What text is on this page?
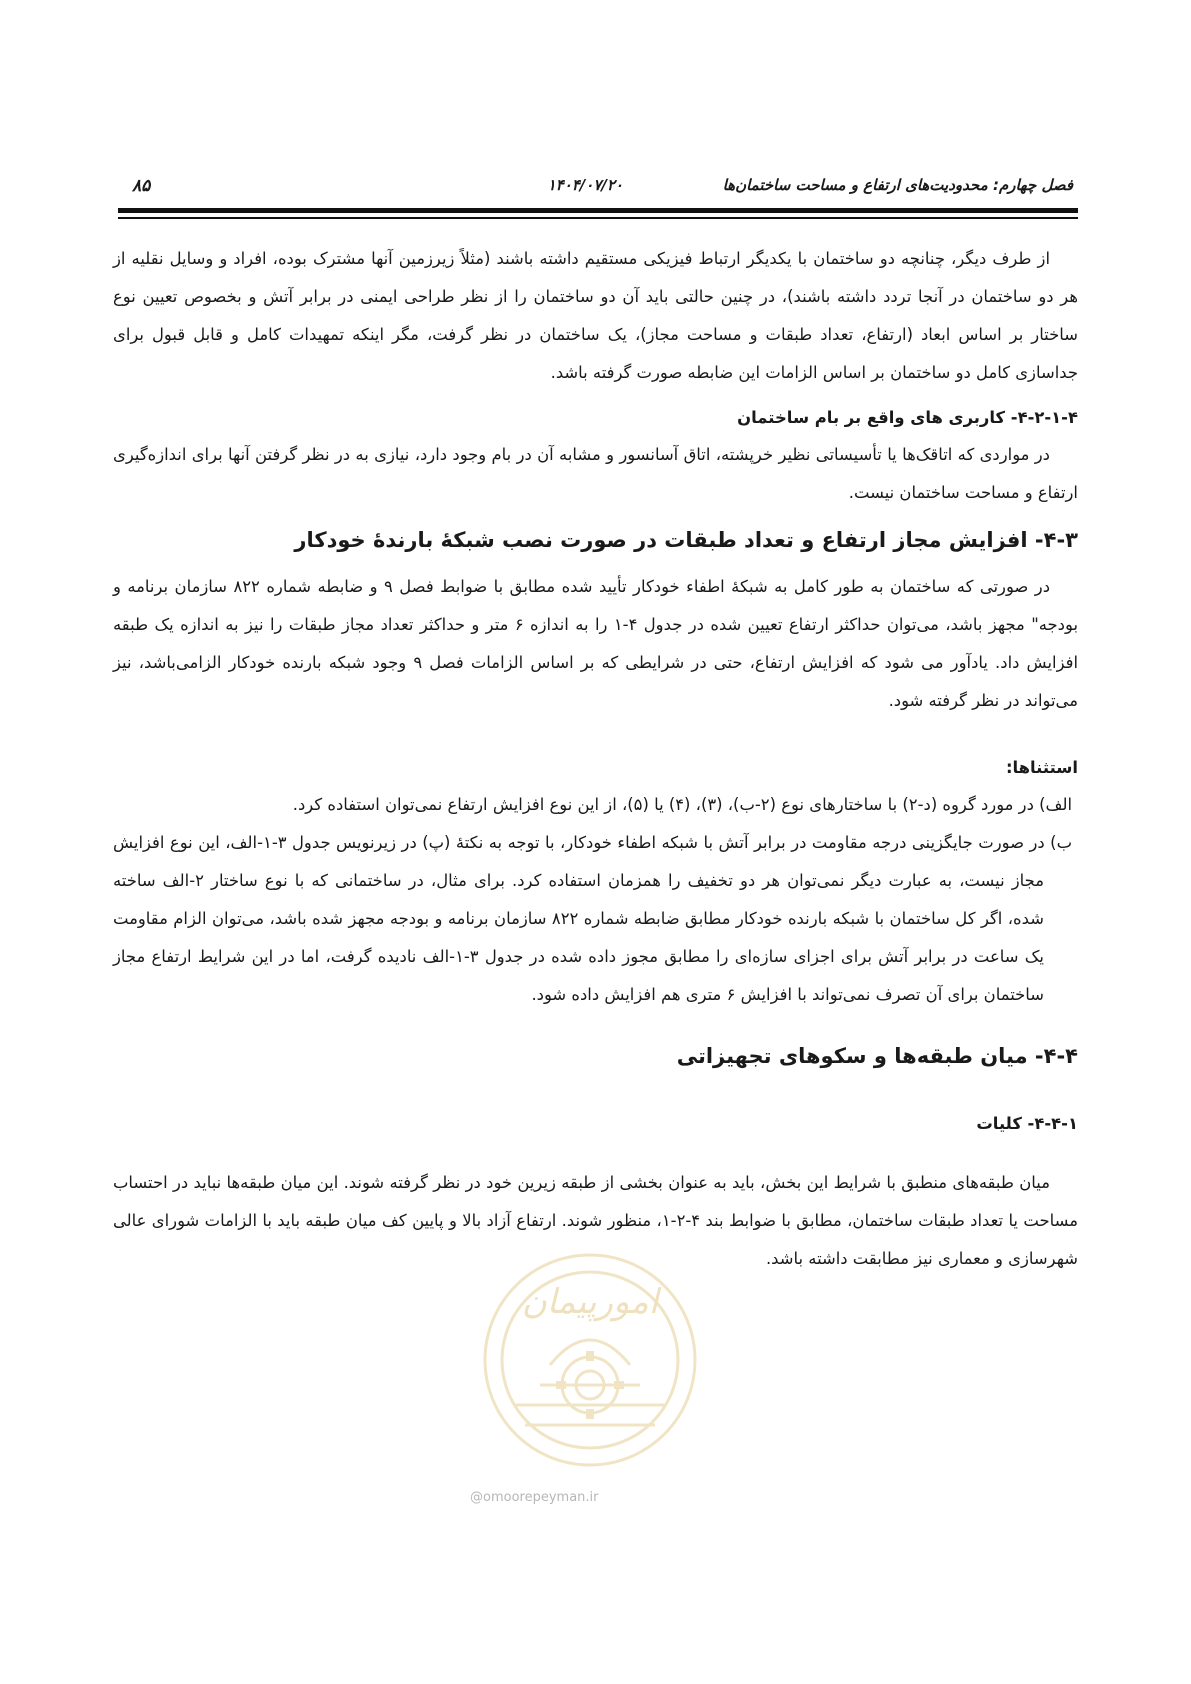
فصل چهارم: محدودیت‌های ارتفاع و مساحت ساختمان‌ها
۱۴۰۴/۰۷/۲۰
۸۵

از طرف دیگر، چنانچه دو ساختمان با یکدیگر ارتباط فیزیکی مستقیم داشته باشند (مثلاً زیرزمین آنها مشترک بوده، افراد و وسایل نقلیه از هر دو ساختمان در آنجا تردد داشته باشند)، در چنین حالتی باید آن دو ساختمان را از نظر طراحی ایمنی در برابر آتش و بخصوص تعیین نوع ساختار بر اساس ابعاد (ارتفاع، تعداد طبقات و مساحت مجاز)، یک ساختمان در نظر گرفت، مگر اینکه تمهیدات کامل و قابل قبول برای جداسازی کامل دو ساختمان بر اساس الزامات این ضابطه صورت گرفته باشد.

۴-۲-۱-۴- کاربری های واقع بر بام ساختمان

در مواردی که اتاقک‌ها یا تأسیساتی نظیر خرپشته، اتاق آسانسور و مشابه آن در بام وجود دارد، نیازی به در نظر گرفتن آنها برای اندازه‌گیری ارتفاع و مساحت ساختمان نیست.

۴-۳- افزایش مجاز ارتفاع و تعداد طبقات در صورت نصب شبکهٔ بارندهٔ خودکار

در صورتی که ساختمان به طور کامل به شبکهٔ اطفاء خودکار تأیید شده مطابق با ضوابط فصل ۹ و ضابطه شماره ۸۲۲ سازمان برنامه و بودجه" مجهز باشد، می‌توان حداکثر ارتفاع تعیین شده در جدول ۴-۱ را به اندازه ۶ متر و حداکثر تعداد مجاز طبقات را نیز به اندازه یک طبقه افزایش داد. یادآور می شود که افزایش ارتفاع، حتی در شرایطی که بر اساس الزامات فصل ۹ وجود شبکه بارنده خودکار الزامی‌باشد، نیز می‌تواند در نظر گرفته شود.

استثناها:

الف) در مورد گروه (د-۲) با ساختارهای نوع (۲-ب)، (۳)، (۴) یا (۵)، از این نوع افزایش ارتفاع نمی‌توان استفاده کرد.

ب) در صورت جایگزینی درجه مقاومت در برابر آتش با شبکه اطفاء خودکار، با توجه به نکتهٔ (پ) در زیرنویس جدول ۳-۱-الف، این نوع افزایش مجاز نیست، به عبارت دیگر نمی‌توان هر دو تخفیف را همزمان استفاده کرد. برای مثال، در ساختمانی که با نوع ساختار ۲-الف ساخته شده، اگر کل ساختمان با شبکه بارنده خودکار مطابق ضابطه شماره ۸۲۲ سازمان برنامه و بودجه مجهز شده باشد، می‌توان الزام مقاومت یک ساعت در برابر آتش برای اجزای سازه‌ای را مطابق مجوز داده شده در جدول ۳-۱-الف نادیده گرفت، اما در این شرایط ارتفاع مجاز ساختمان برای آن تصرف نمی‌تواند با افزایش ۶ متری هم افزایش داده شود.

۴-۴- میان طبقه‌ها و سکوهای تجهیزاتی
۴-۴-۱- کلیات

میان طبقه‌های منطبق با شرایط این بخش، باید به عنوان بخشی از طبقه زیرین خود در نظر گرفته شوند. این میان طبقه‌ها نباید در احتساب مساحت یا تعداد طبقات ساختمان، مطابق با ضوابط بند ۴-۲-۱، منظور شوند. ارتفاع آزاد بالا و پایین کف میان طبقه باید با الزامات شورای عالی شهرسازی و معماری نیز مطابقت داشته باشد.

امورپیمان
@omoorepeyman.ir
